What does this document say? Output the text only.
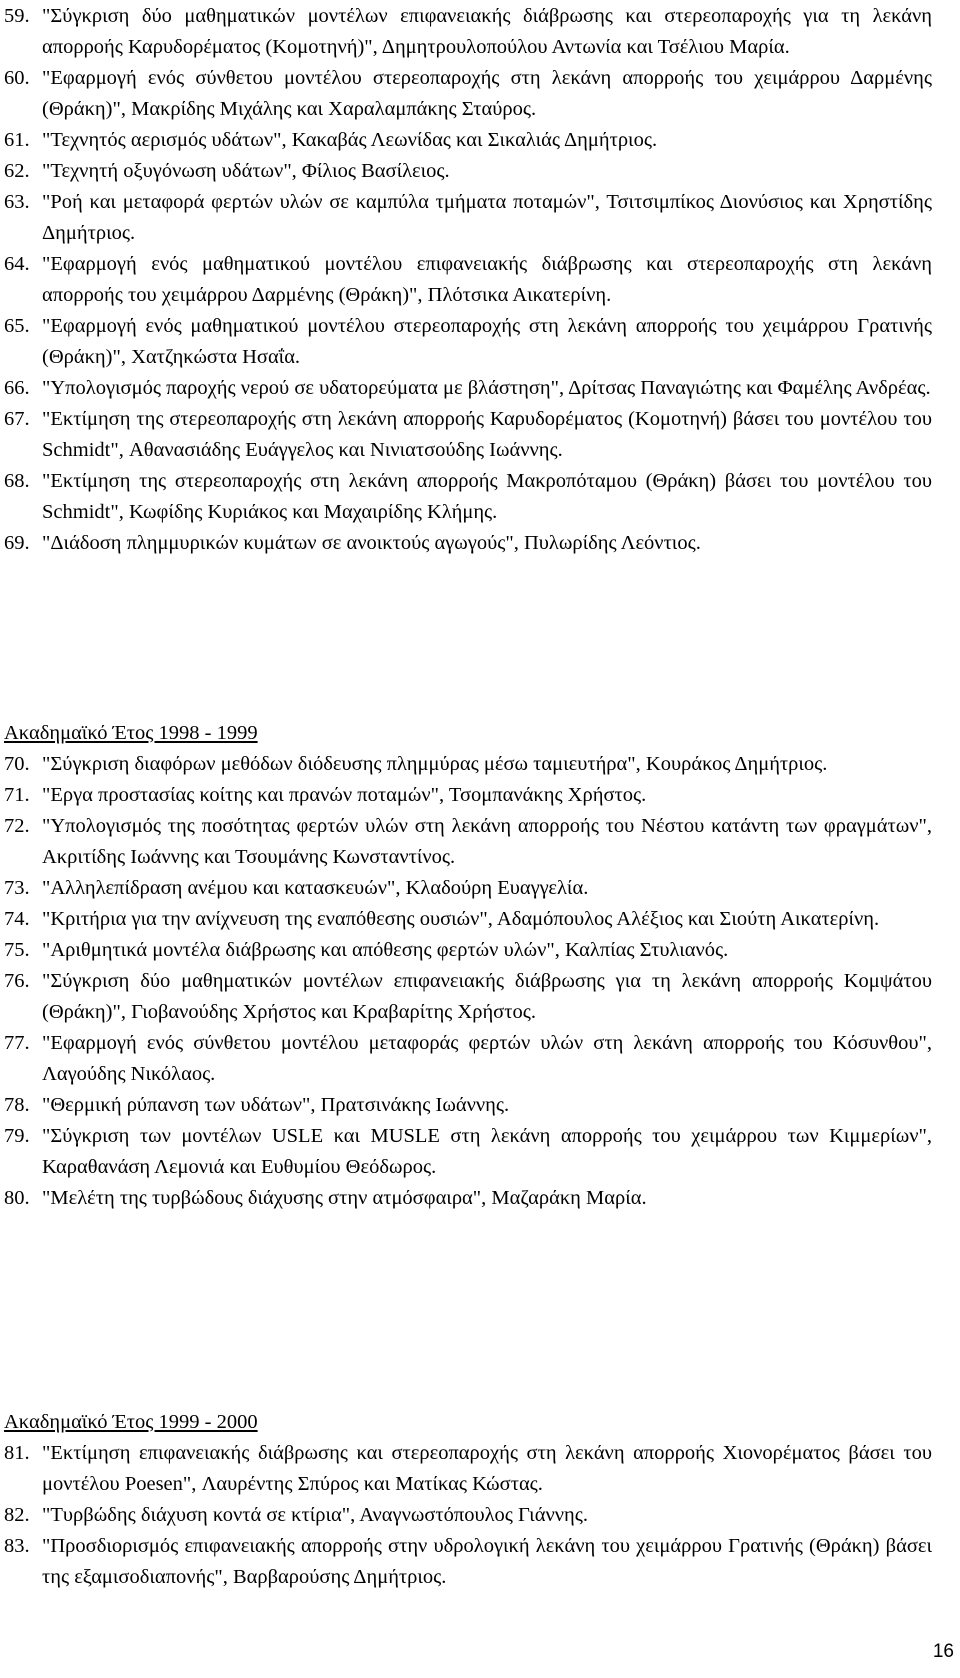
59. "Σύγκριση δύο μαθηματικών μοντέλων επιφανειακής διάβρωσης και στερεοπαροχής για τη λεκάνη απορροής Καρυδορέματος (Κομοτηνή)", Δημητρουλοπούλου Αντωνία και Τσέλιου Μαρία.
60. "Εφαρμογή ενός σύνθετου μοντέλου στερεοπαροχής στη λεκάνη απορροής του χειμάρρου Δαρμένης (Θράκη)", Μακρίδης Μιχάλης και Χαραλαμπάκης Σταύρος.
61. "Τεχνητός αερισμός υδάτων", Κακαβάς Λεωνίδας και Σικαλιάς Δημήτριος.
62. "Τεχνητή οξυγόνωση υδάτων", Φίλιος Βασίλειος.
63. "Ροή και μεταφορά φερτών υλών σε καμπύλα τμήματα ποταμών", Τσιτσιμπίκος Διονύσιος και Χρηστίδης Δημήτριος.
64. "Εφαρμογή ενός μαθηματικού μοντέλου επιφανειακής διάβρωσης και στερεοπαροχής στη λεκάνη απορροής του χειμάρρου Δαρμένης (Θράκη)", Πλότσικα Αικατερίνη.
65. "Εφαρμογή ενός μαθηματικού μοντέλου στερεοπαροχής στη λεκάνη απορροής του χειμάρρου Γρατινής (Θράκη)", Χατζηκώστα Ησαΐα.
66. "Υπολογισμός παροχής νερού σε υδατορεύματα με βλάστηση", Δρίτσας Παναγιώτης και Φαμέλης Ανδρέας.
67. "Εκτίμηση της στερεοπαροχής στη λεκάνη απορροής Καρυδορέματος (Κομοτηνή) βάσει του μοντέλου του Schmidt", Αθανασιάδης Ευάγγελος και Νινιατσούδης Ιωάννης.
68. "Εκτίμηση της στερεοπαροχής στη λεκάνη απορροής Μακροπόταμου (Θράκη) βάσει του μοντέλου του Schmidt", Κωφίδης Κυριάκος και Μαχαιρίδης Κλήμης.
69. "Διάδοση πλημμυρικών κυμάτων σε ανοικτούς αγωγούς", Πυλωρίδης Λεόντιος.
Ακαδημαϊκό Έτος 1998 - 1999
70. "Σύγκριση διαφόρων μεθόδων διόδευσης πλημμύρας μέσω ταμιευτήρα", Κουράκος Δημήτριος.
71. "Εργα προστασίας κοίτης και πρανών ποταμών", Τσομπανάκης Χρήστος.
72. "Υπολογισμός της ποσότητας φερτών υλών στη λεκάνη απορροής του Νέστου κατάντη των φραγμάτων", Ακριτίδης Ιωάννης και Τσουμάνης Κωνσταντίνος.
73. "Αλληλεπίδραση ανέμου και κατασκευών", Κλαδούρη Ευαγγελία.
74. "Κριτήρια για την ανίχνευση της εναπόθεσης ουσιών", Αδαμόπουλος Αλέξιος και Σιούτη Αικατερίνη.
75. "Αριθμητικά μοντέλα διάβρωσης και απόθεσης φερτών υλών", Καλπίας Στυλιανός.
76. "Σύγκριση δύο μαθηματικών μοντέλων επιφανειακής διάβρωσης για τη λεκάνη απορροής Κομψάτου (Θράκη)", Γιοβανούδης Χρήστος και Κραβαρίτης Χρήστος.
77. "Εφαρμογή ενός σύνθετου μοντέλου μεταφοράς φερτών υλών στη λεκάνη απορροής του Κόσυνθου", Λαγούδης Νικόλαος.
78. "Θερμική ρύπανση των υδάτων", Πρατσινάκης Ιωάννης.
79. "Σύγκριση των μοντέλων USLE και MUSLE στη λεκάνη απορροής του χειμάρρου των Κιμμερίων", Καραθανάση Λεμονιά και Ευθυμίου Θεόδωρος.
80. "Μελέτη της τυρβώδους διάχυσης στην ατμόσφαιρα", Μαζαράκη Μαρία.
Ακαδημαϊκό Έτος 1999 - 2000
81. "Εκτίμηση επιφανειακής διάβρωσης και στερεοπαροχής στη λεκάνη απορροής Χιονορέματος βάσει του μοντέλου Poesen", Λαυρέντης Σπύρος και Ματίκας Κώστας.
82. "Τυρβώδης διάχυση κοντά σε κτίρια", Αναγνωστόπουλος Γιάννης.
83. "Προσδιορισμός επιφανειακής απορροής στην υδρολογική λεκάνη του χειμάρρου Γρατινής (Θράκη) βάσει της εξαμισοδιαπονής", Βαρβαρούσης Δημήτριος.
16
